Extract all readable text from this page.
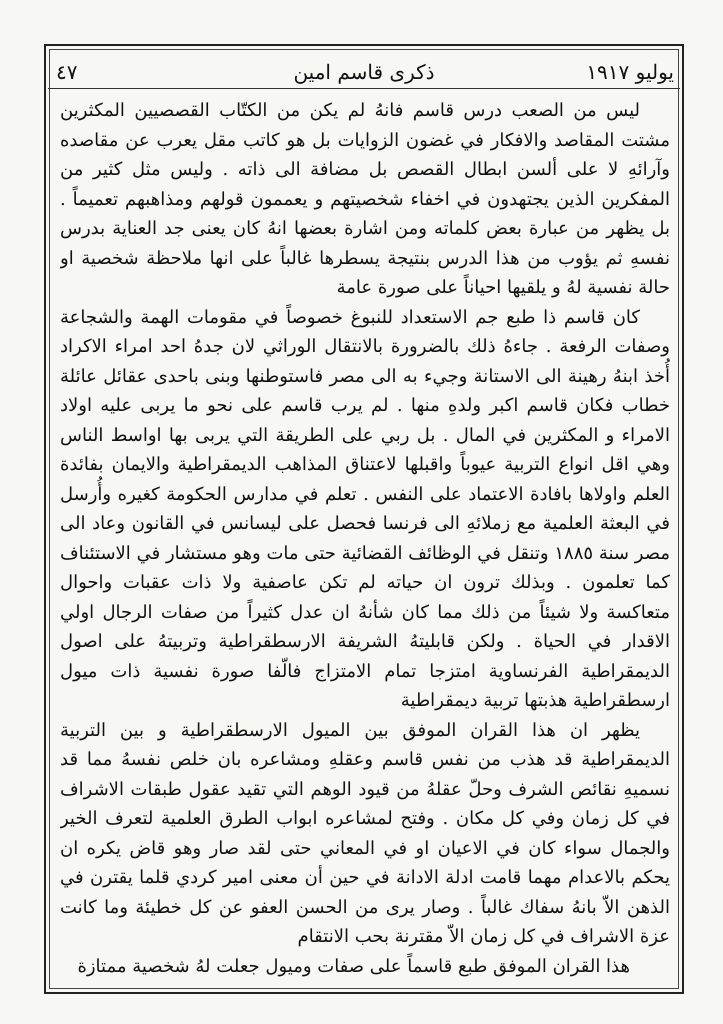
يوليو ١٩١٧
ذكرى قاسم امين
٤٧

ليس من الصعب درس قاسم فانهُ لم يكن من الكتّاب القصصيين المكثرين مشتت المقاصد والافكار في غضون الزوايات بل هو كاتب مقل يعرب عن مقاصده وآرائهِ لا على ألسن ابطال القصص بل مضافة الى ذاته . وليس مثل كثير من المفكرين الذين يجتهدون في اخفاء شخصيتهم و يعممون قولهم ومذاهبهم تعميماً . بل يظهر من عبارة بعض كلماته ومن اشارة بعضها انهُ كان يعنى جد العناية بدرس نفسهِ ثم يؤوب من هذا الدرس بنتيجة يسطرها غالباً على انها ملاحظة شخصية او حالة نفسية لهُ و يلقيها احياناً على صورة عامة

كان قاسم ذا طبع جم الاستعداد للنبوغ خصوصاً في مقومات الهمة والشجاعة وصفات الرفعة . جاءهُ ذلك بالضرورة بالانتقال الوراثي لان جدهُ احد امراء الاكراد أُخذ ابنهُ رهينة الى الاستانة وجيء به الى مصر فاستوطنها وبنى باحدى عقائل عائلة خطاب فكان قاسم اكبر ولدهِ منها . لم يرب قاسم على نحو ما يربى عليه اولاد الامراء و المكثرين في المال . بل ربي على الطريقة التي يربى بها اواسط الناس وهي اقل انواع التربية عيوباً واقبلها لاعتناق المذاهب الديمقراطية والايمان بفائدة العلم واولاها بافادة الاعتماد على النفس . تعلم في مدارس الحكومة كغيره وأُرسل في البعثة العلمية مع زملائهِ الى فرنسا فحصل على ليسانس في القانون وعاد الى مصر سنة ١٨٨٥ وتنقل في الوظائف القضائية حتى مات وهو مستشار في الاستئناف كما تعلمون . وبذلك ترون ان حياته لم تكن عاصفية ولا ذات عقبات واحوال متعاكسة ولا شيئاً من ذلك مما كان شأنهُ ان عدل كثيراً من صفات الرجال اولي الاقدار في الحياة . ولكن قابليتهُ الشريفة الارسطقراطية وتربيتهُ على اصول الديمقراطية الفرنساوية امتزجا تمام الامتزاج فالّفا صورة نفسية ذات ميول ارسطقراطية هذبتها تربية ديمقراطية

يظهر ان هذا القران الموفق بين الميول الارسطقراطية و بين التربية الديمقراطية قد هذب من نفس قاسم وعقلهِ ومشاعره بان خلص نفسهُ مما قد نسميهِ نقائص الشرف وحلّ عقلهُ من قيود الوهم التي تقيد عقول طبقات الاشراف في كل زمان وفي كل مكان . وفتح لمشاعره ابواب الطرق العلمية لتعرف الخير والجمال سواء كان في الاعيان او في المعاني حتى لقد صار وهو قاض يكره ان يحكم بالاعدام مهما قامت ادلة الادانة في حين أن معنى امير كردي قلما يقترن في الذهن الاّ بانهُ سفاك غالباً . وصار يرى من الحسن العفو عن كل خطيئة وما كانت عزة الاشراف في كل زمان الاّ مقترنة بحب الانتقام

هذا القران الموفق طبع قاسماً على صفات وميول جعلت لهُ شخصية ممتازة
